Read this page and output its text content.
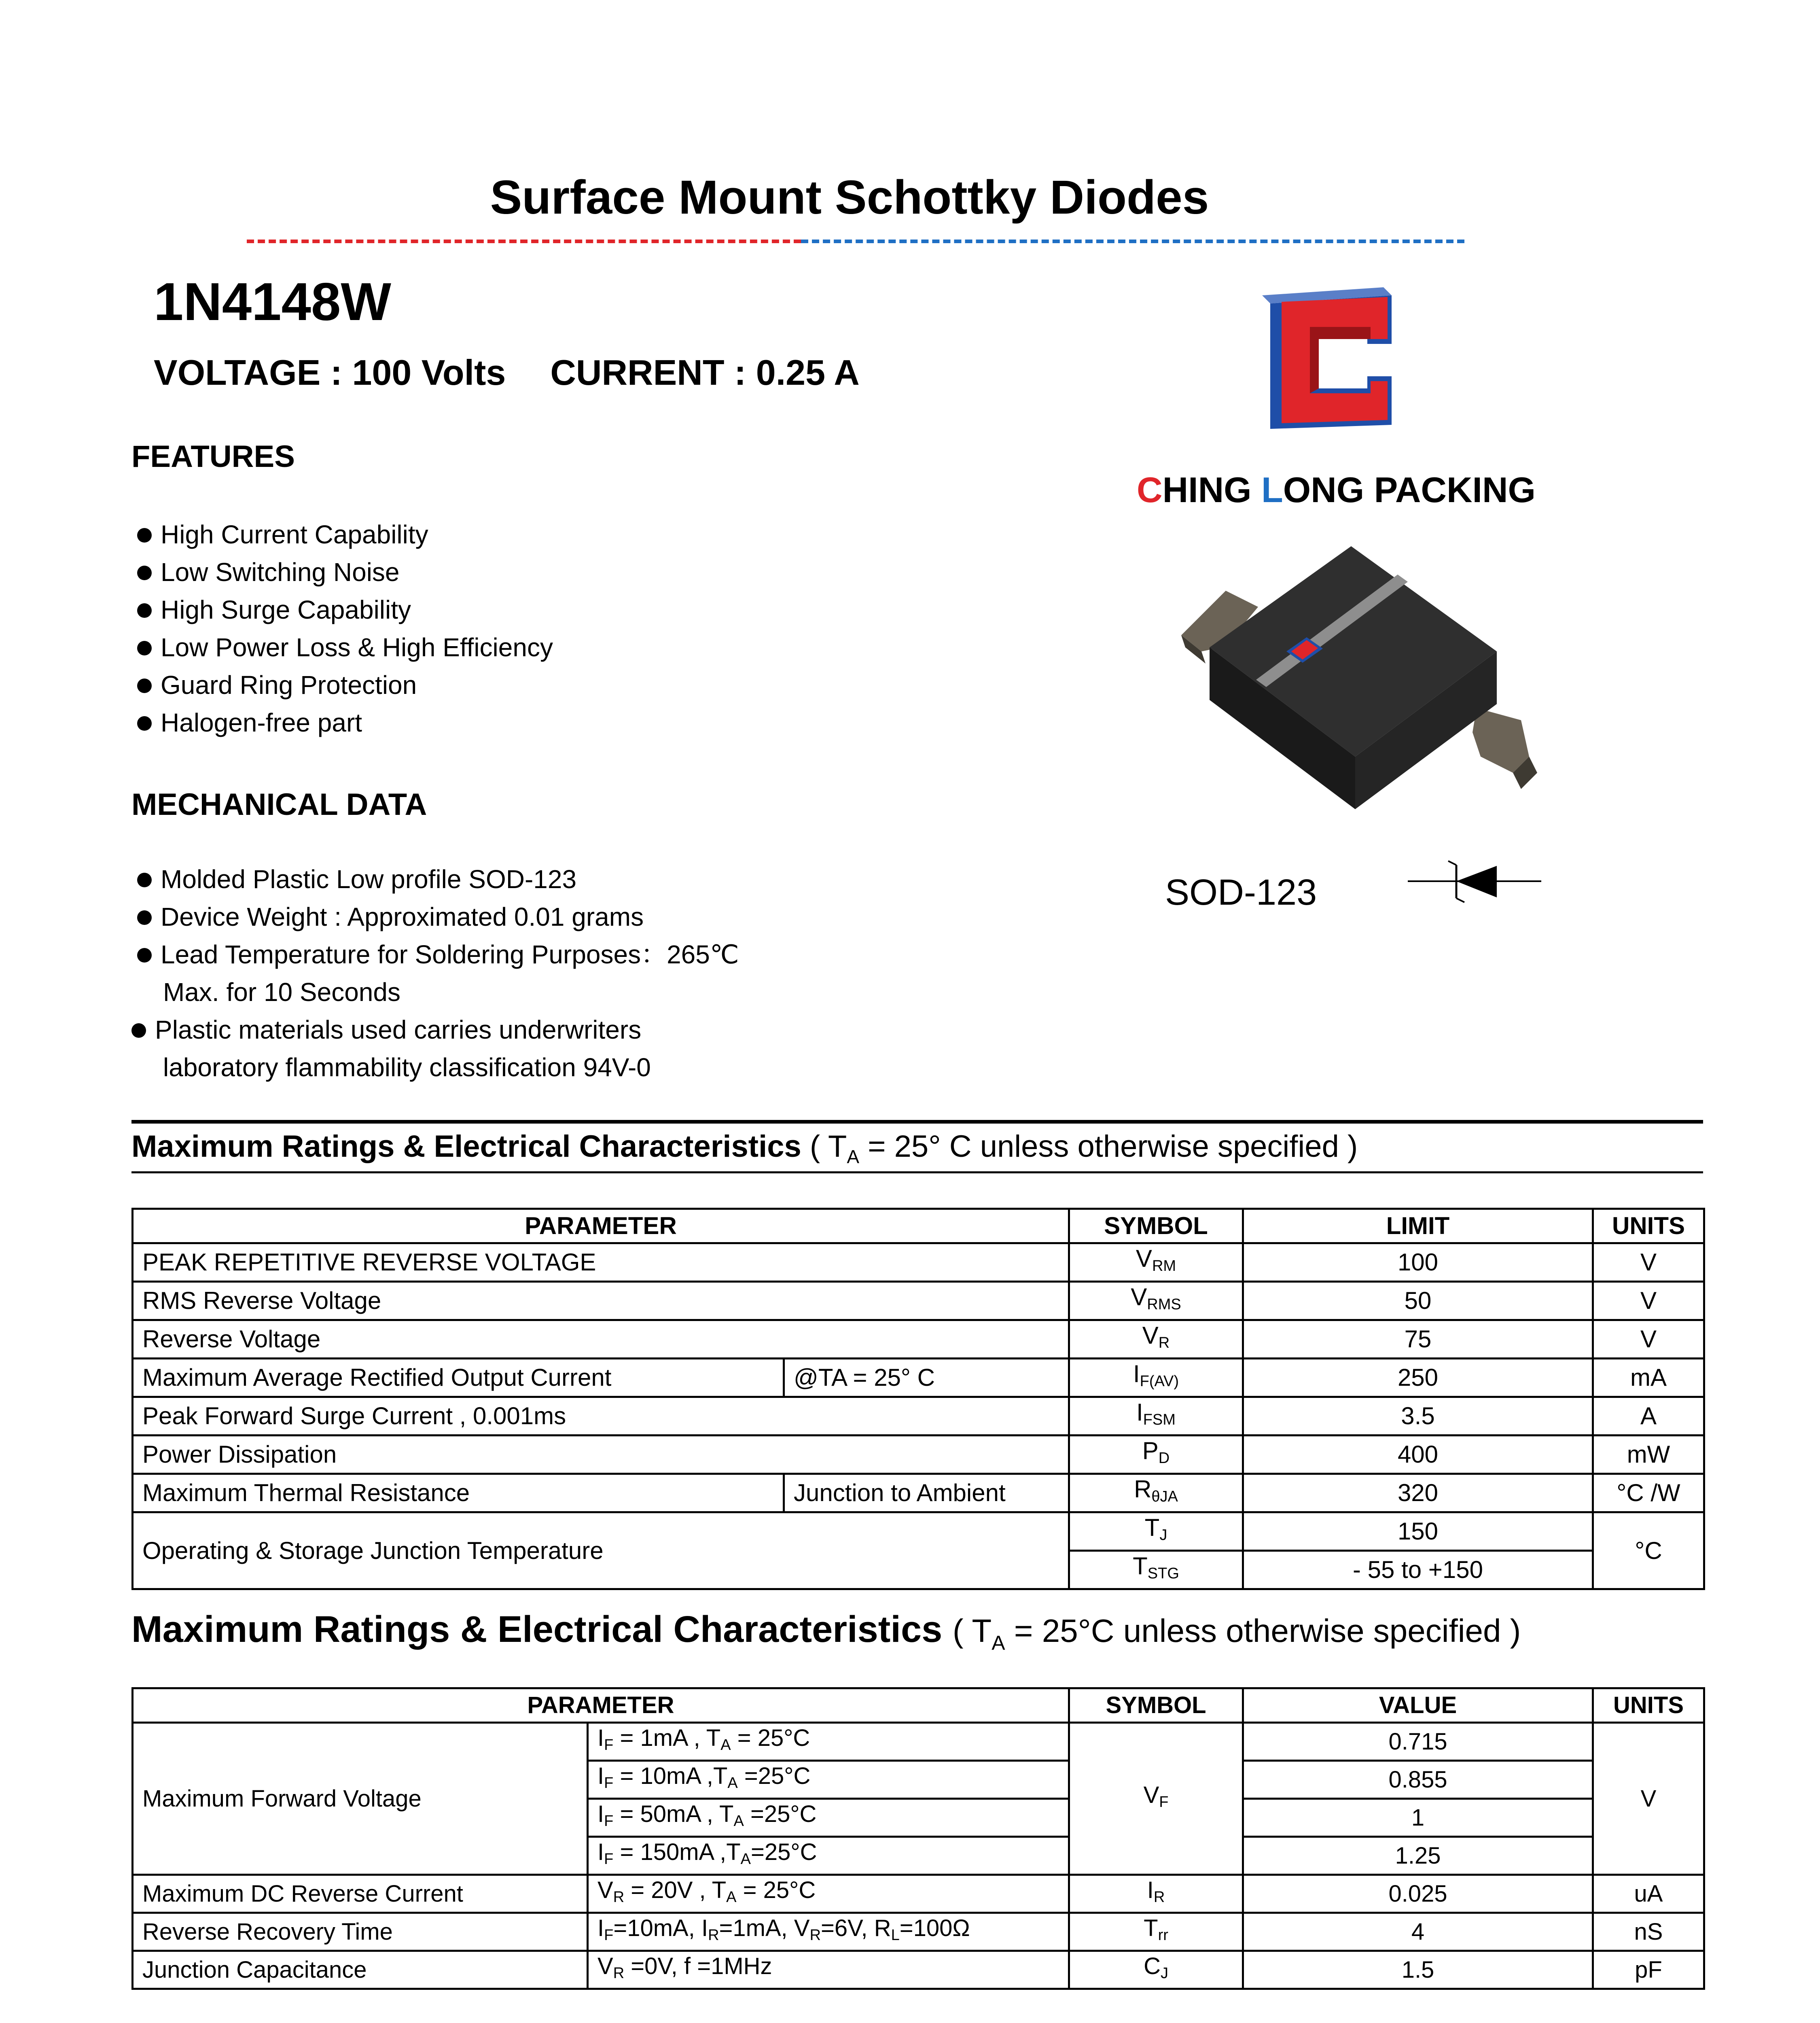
Surface Mount Schottky Diodes
1N4148W
VOLTAGE : 100 Volts CURRENT : 0.25 A
FEATURES
High Current Capability
Low Switching Noise
High Surge Capability
Low Power Loss & High Efficiency
Guard Ring Protection
Halogen-free part
MECHANICAL DATA
Molded Plastic Low profile SOD-123
Device Weight : Approximated 0.01 grams
Lead Temperature for Soldering Purposes：265℃
Max. for 10 Seconds
Plastic materials used carries underwriters
laboratory flammability classification 94V-0
CHING LONG PACKING
SOD-123
Maximum Ratings & Electrical Characteristics ( $T_A = 25^\circ$ C unless otherwise specified )
PARAMETER		SYMBOL	LIMIT	UNITS
PEAK REPETITIVE REVERSE VOLTAGE		$V_{RM}$	100	V
RMS Reverse Voltage		$V_{RMS}$	50	V
Reverse Voltage		$V_R$	75	V
Maximum Average Rectified Output Current	@TA = 25° C	$I_{F(AV)}$	250	mA
Peak Forward Surge Current , 0.001ms		$I_{FSM}$	3.5	A
Power Dissipation		$P_D$	400	mW
Maximum Thermal Resistance	Junction to Ambient	$R_{\theta JA}$	320	°C /W
Operating & Storage Junction Temperature		$T_J$	150	°C
		$T_{STG}$	- 55 to +150	
Maximum Ratings & Electrical Characteristics ( $T_A = 25^\circ C$ unless otherwise specified )
PARAMETER		SYMBOL	VALUE	UNITS
Maximum Forward Voltage	$I_F = 1mA$ , $T_A = 25^\circ C$	$V_F$	0.715	V
	$I_F = 10mA$ $,T_A =25^\circ C$		0.855	
	$I_F = 50mA$ , $T_A =25^\circ C$		1	
	$I_F = 150mA$ $,T_A=25^\circ C$		1.25	
Maximum DC Reverse Current	$V_R = 20V$ , $T_A = 25^\circ C$	$I_R$	0.025	uA
Reverse Recovery Time	$I_F=10mA$, $I_R=1mA$, $V_R=6V$, $R_L=100\Omega$	$T_{rr}$	4	nS
Junction Capacitance	$V_R =0V$, f =1MHz	$C_J$	1.5	pF
